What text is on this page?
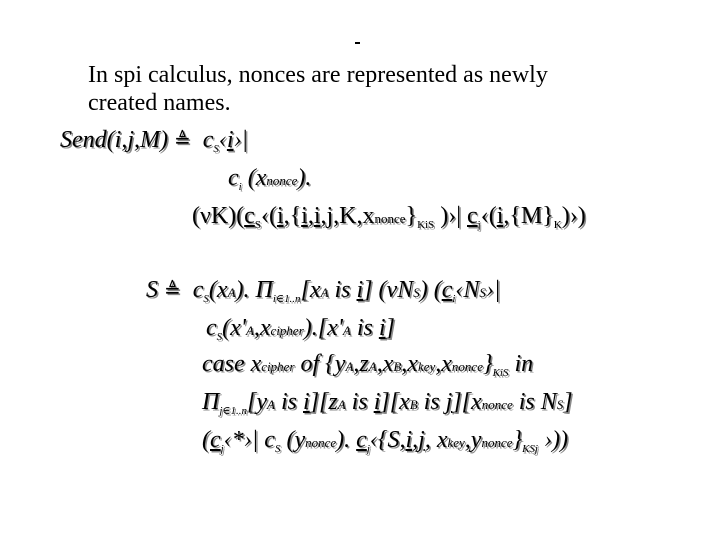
In spi calculus, nonces are represented as newly
created names.
Send(i,j,M) ≜  $c_S‹i›|$
$c_i$ (xnonce).
$(\nu K)(c_S‹(i,\{i,i,j,K,xnonce\}_{KiS}$ )›| $c_j‹(i,\{M\}_K)›$)
S ≜  $c_S(xA)$. $\Pi_{i\in 1..n}[xA$ is i] (νNS) ($c_i‹NS›|$
$c_S(x'A,xcipher).[x'A$ is i]
case xcipher of $\{yA,zA,xB,xkey,xnonce\}_{KiS}$ in
$\Pi_{j\in 1..n}[yA$ is i][zA is i][xB is j][xnonce is NS]
($c_j‹*›|$ $c_S$ (ynonce). $c_j‹\{S,i,j$, $xkey,ynonce\}_{KSj}$ ›))
